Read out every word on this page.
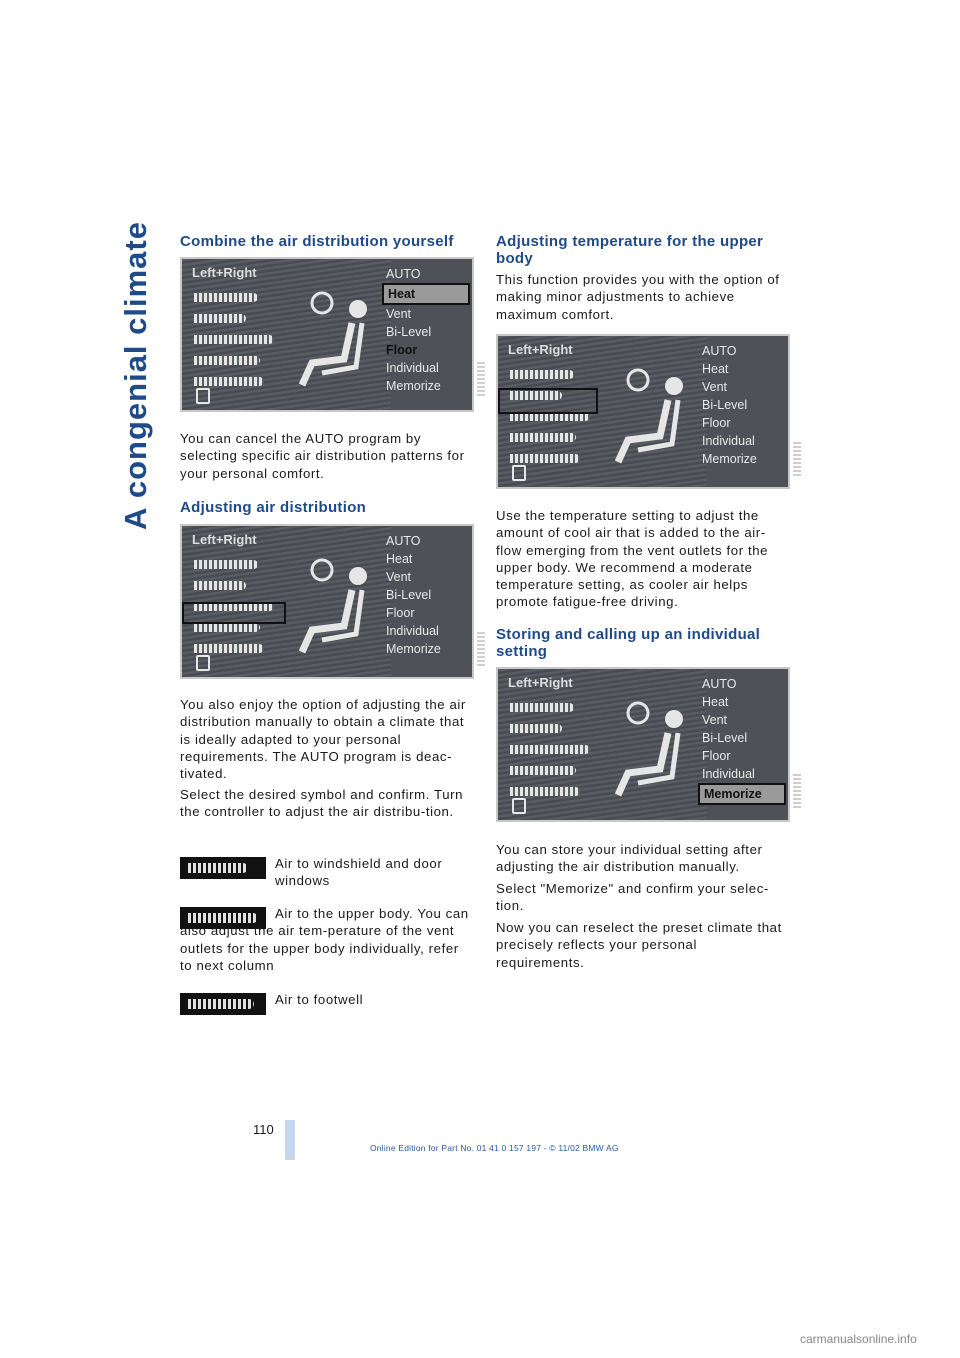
A congenial climate Combine the air distribution yourself
Left+Right	AUTO
Heat
Vent
Bi-Level
Floor
Individual
Memorize

You can cancel the AUTO program by selecting specific air distribution patterns for your personal comfort.

Adjusting air distribution
Left+Right	AUTO
Heat
Vent
Bi-Level
Floor
Individual
Memorize

You also enjoy the option of adjusting the air distribution manually to obtain a climate that is ideally adapted to your personal requirements. The AUTO program is deac-tivated.

Select the desired symbol and confirm. Turn the controller to adjust the air distribu-tion.

Air to windshield and door windows

Air to the upper body. You can also adjust the air tem-perature of the vent outlets for the upper body individually, refer to next column

Air to footwell

Adjusting temperature for the upper body

This function provides you with the option of making minor adjustments to achieve maximum comfort.

Left+Right	AUTO
Heat
Vent
Bi-Level
Floor
Individual
Memorize

Use the temperature setting to adjust the amount of cool air that is added to the air-flow emerging from the vent outlets for the upper body. We recommend a moderate temperature setting, as cooler air helps promote fatigue-free driving.

Storing and calling up an individual setting
Left+Right	AUTO
Heat
Vent
Bi-Level
Floor
Individual
Memorize

You can store your individual setting after adjusting the air distribution manually.

Select "Memorize" and confirm your selec-tion.

Now you can reselect the preset climate that precisely reflects your personal requirements.

110
Online Edition for Part No. 01 41 0 157 197 - © 11/02 BMW AG
carmanualsonline.info
